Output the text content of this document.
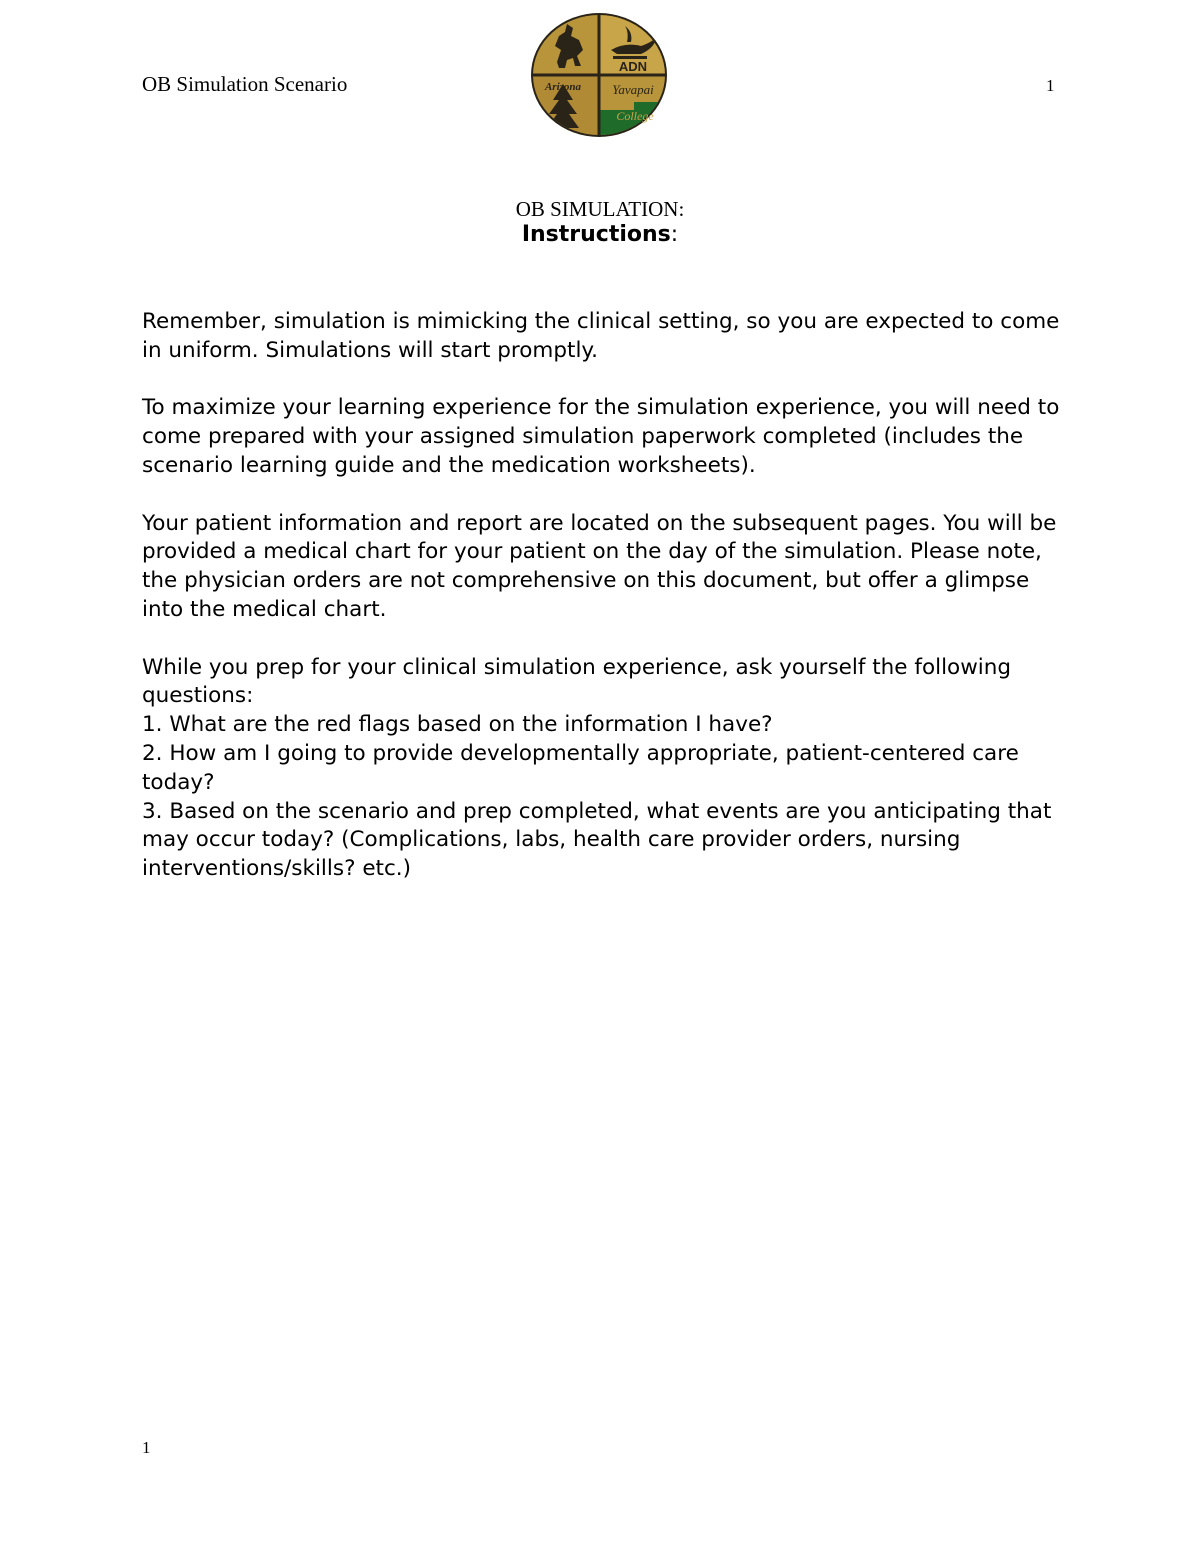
OB Simulation Scenario
ADN
Arizona Yavapai
College
1
OB SIMULATION:
Instructions:

Remember, simulation is mimicking the clinical setting, so you are expected to come in uniform. Simulations will start promptly.

To maximize your learning experience for the simulation experience, you will need to come prepared with your assigned simulation paperwork completed (includes the scenario learning guide and the medication worksheets).

Your patient information and report are located on the subsequent pages. You will be provided a medical chart for your patient on the day of the simulation. Please note, the physician orders are not comprehensive on this document, but offer a glimpse into the medical chart.

While you prep for your clinical simulation experience, ask yourself the following questions:
1. What are the red flags based on the information I have?
2. How am I going to provide developmentally appropriate, patient-centered care today?
3. Based on the scenario and prep completed, what events are you anticipating that may occur today? (Complications, labs, health care provider orders, nursing interventions/skills? etc.)

1
